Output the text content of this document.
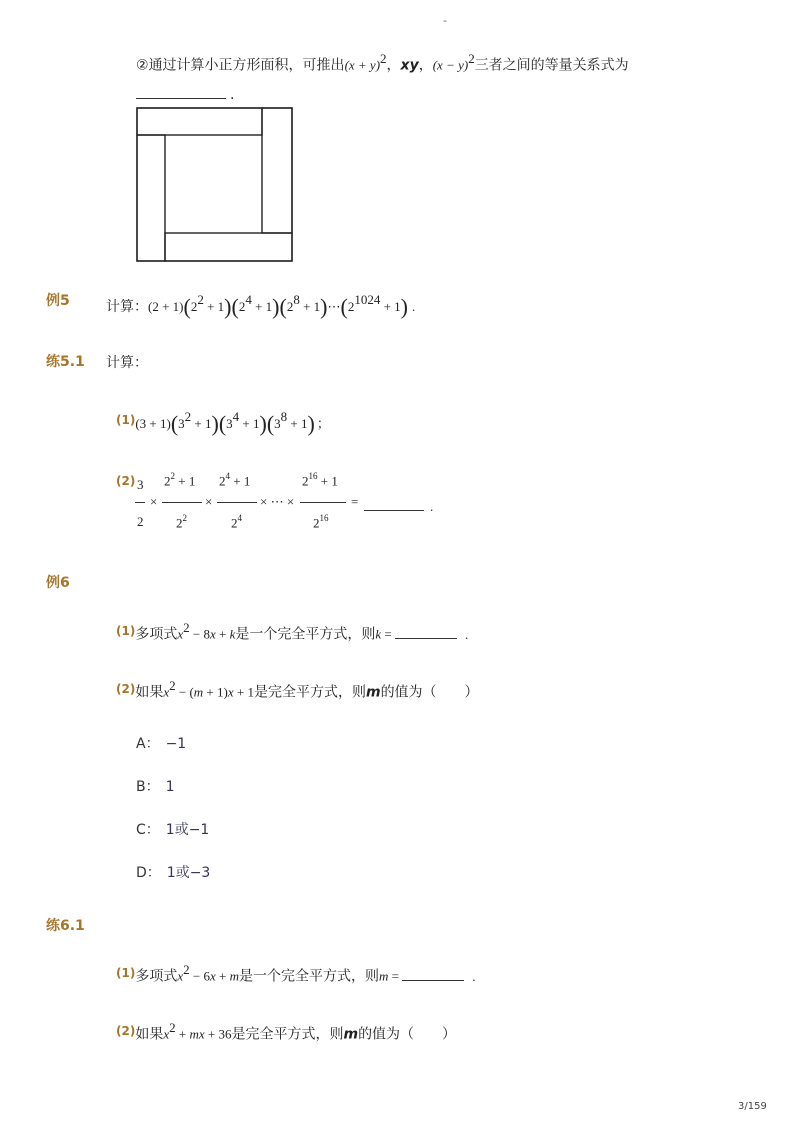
-
②通过计算小正方形面积，可推出$(x + y)^2$，xy，$(x - y)^2$三者之间的等量关系式为
.
例5	计算：$(2 + 1)(2^2 + 1)(2^4 + 1)(2^8$ + $1)\cdots(2^{1024} + 1)$ .
练5.1 计算：
$(1)(3 + 1)(3^2 + 1)(3^4 + 1)(3^8 + 1)$ ；
(2) 3
2
×
$2^2 + 1$
$2^2$
×
$2^4 + 1$
$2^4$
× ⋯ ×
$2^{16} + 1$
$2^{16}$
=	.
例6
(1)多项式$x^2 - 8x + k$是一个完全平方式，则k =	.
(2)如果$x^2 - (m + 1)x + 1$是完全平方式，则m的值为（　　）
A： −1
B： 1
C： 1或−1
D： 1或−3
练6.1
(1)多项式$x^2 - 6x + m$是一个完全平方式，则m =	.
(2)如果$x^2$ + mx + 36是完全平方式，则m的值为（　　）
3/159
